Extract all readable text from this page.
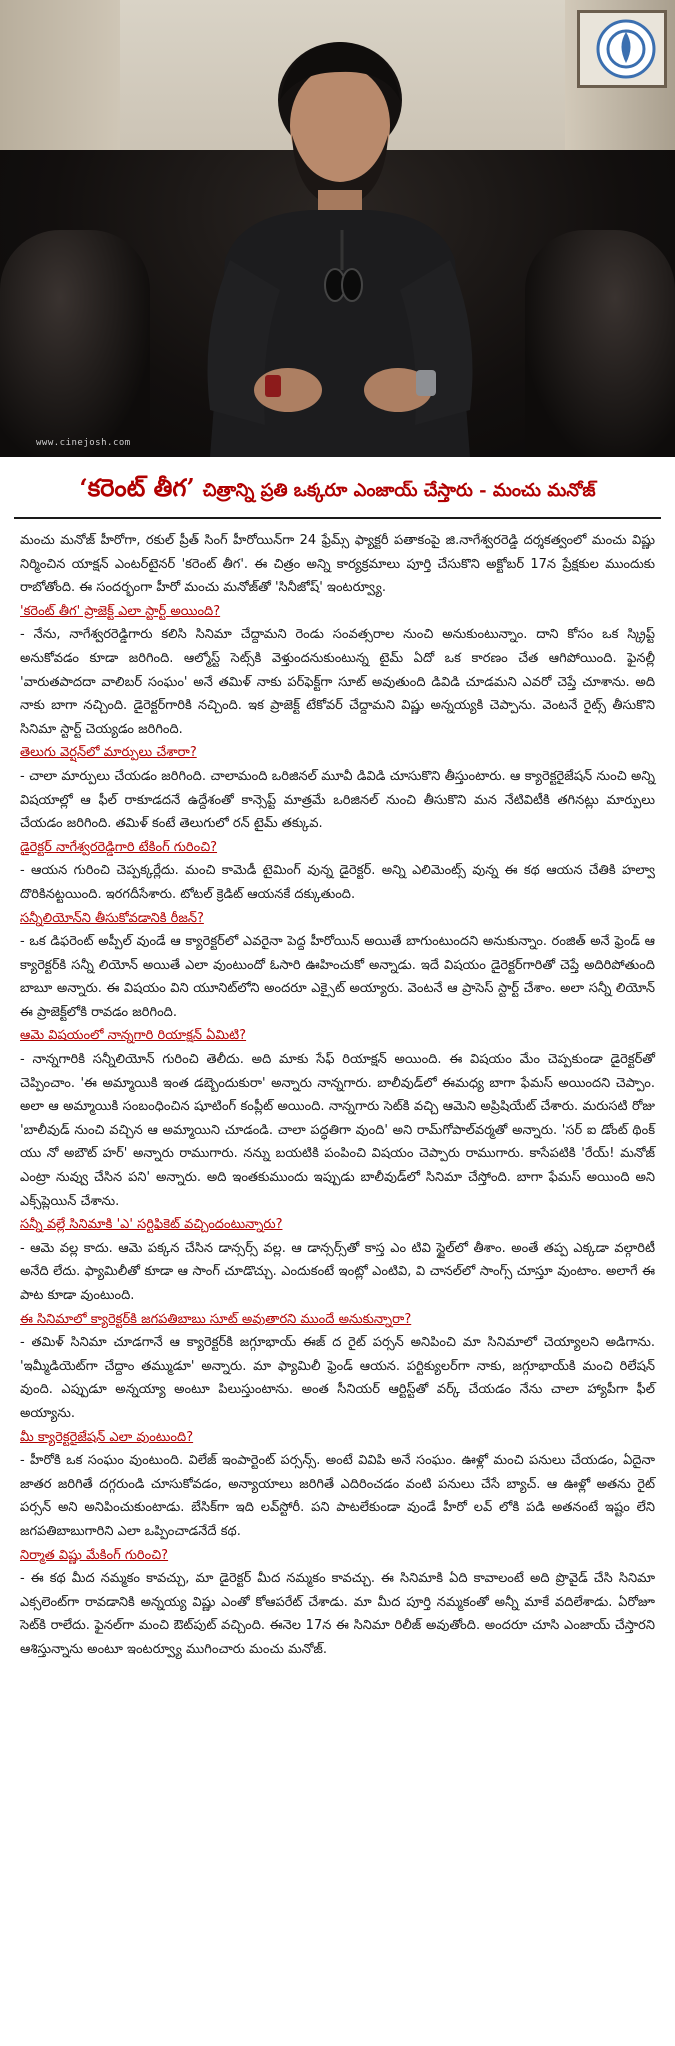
www.cinejosh.com
‘కరెంట్ తీగ’ చిత్రాన్ని ప్రతి ఒక్కరూ ఎంజాయ్ చేస్తారు - మంచు మనోజ్

మంచు మనోజ్ హీరోగా, రకుల్ ప్రీత్ సింగ్ హీరోయిన్‌గా 24 ఫ్రేమ్స్ ఫ్యాక్టరీ పతాకంపై జి.నాగేశ్వరరెడ్డి దర్శకత్వంలో మంచు విష్ణు నిర్మించిన యాక్షన్ ఎంటర్‌టైనర్ 'కరెంట్ తీగ'. ఈ చిత్రం అన్ని కార్యక్రమాలు పూర్తి చేసుకొని అక్టోబర్ 17న ప్రేక్షకుల ముందుకు రాబోతోంది. ఈ సందర్భంగా హీరో మంచు మనోజ్‌తో 'సినీజోష్' ఇంటర్వ్యూ.

'కరెంట్ తీగ' ప్రాజెక్ట్ ఎలా స్టార్ట్ అయింది?

- నేను, నాగేశ్వరరెడ్డిగారు కలిసి సినిమా చేద్దామని రెండు సంవత్సరాల నుంచి అనుకుంటున్నాం. దాని కోసం ఒక స్క్రిప్ట్ అనుకోవడం కూడా జరిగింది. ఆల్మోస్ట్ సెట్స్‌కి వెళ్తుందనుకుంటున్న టైమ్‌ ఏదో ఒక కారణం చేత ఆగిపోయింది. ఫైనల్లీ 'వారుతపాదదా వాలిబర్ సంఘం' అనే తమిళ్ నాకు పర్‌ఫెక్ట్‌గా సూట్ అవుతుంది డివిడి చూడమని ఎవరో చెప్తే చూశాను. అది నాకు బాగా నచ్చింది. డైరెక్టర్‌గారికి నచ్చింది. ఇక ప్రాజెక్ట్ టేకోవర్ చేద్దామని విష్ణు అన్నయ్యకి చెప్పాను. వెంటనే రైట్స్ తీసుకొని సినిమా స్టార్ట్ చెయ్యడం జరిగింది.

తెలుగు వెర్షన్‌లో మార్పులు చేశారా?

- చాలా మార్పులు చేయడం జరిగింది. చాలామంది ఒరిజినల్ మూవీ డివిడి చూసుకొని తీస్తుంటారు. ఆ క్యారెక్టరైజేషన్ నుంచి అన్ని విషయాల్లో ఆ ఫీల్ రాకూడదనే ఉద్దేశంతో కాన్సెప్ట్ మాత్రమే ఒరిజినల్ నుంచి తీసుకొని మన నేటివిటీకి తగినట్లు మార్పులు చేయడం జరిగింది. తమిళ్ కంటే తెలుగులో రన్ టైమ్ తక్కువ.

డైరెక్టర్ నాగేశ్వరరెడ్డిగారి టేకింగ్ గురించి?

- ఆయన గురించి చెప్పక్కర్లేదు. మంచి కామెడీ టైమింగ్ వున్న డైరెక్టర్. అన్ని ఎలిమెంట్స్ వున్న ఈ కథ ఆయన చేతికి హల్వా దొరికినట్టయింది. ఇరగదీసేశారు. టోటల్ క్రెడిట్ ఆయనకే దక్కుతుంది.

సన్నీలియోన్‌ని తీసుకోవడానికి రీజన్?

- ఒక డిఫరెంట్ అప్పీల్ వుండే ఆ క్యారెక్టర్‌లో ఎవరైనా పెద్ద హీరోయిన్ అయితే బాగుంటుందని అనుకున్నాం. రంజిత్ అనే ఫ్రెండ్ ఆ క్యారెక్టర్‌కి సన్నీ లియోన్ అయితే ఎలా వుంటుందో ఓసారి ఊహించుకో అన్నాడు. ఇదే విషయం డైరెక్టర్‌గారితో చెప్తే అదిరిపోతుంది బాబూ అన్నారు. ఈ విషయం విని యూనిట్‌లోని అందరూ ఎక్సైట్ అయ్యారు. వెంటనే ఆ ప్రాసెస్ స్టార్ట్ చేశాం. అలా సన్నీ లియోన్ ఈ ప్రాజెక్ట్‌లోకి రావడం జరిగింది.

ఆమె విషయంలో నాన్నగారి రియాక్షన్ ఏమిటి?

- నాన్నగారికి సన్నీలియోన్ గురించి తెలీదు. అది మాకు సేఫ్ రియాక్షన్ అయింది. ఈ విషయం మేం చెప్పకుండా డైరెక్టర్‌తో చెప్పించాం. 'ఈ అమ్మాయికి ఇంత డబ్బెందుకురా' అన్నారు నాన్నగారు. బాలీవుడ్‌లో ఈమధ్య బాగా ఫేమస్ అయిందని చెప్పాం. అలా ఆ అమ్మాయికి సంబంధించిన షూటింగ్ కంప్లీట్ అయింది. నాన్నగారు సెట్‌కి వచ్చి ఆమెని అప్రిషియేట్ చేశారు. మరుసటి రోజు 'బాలీవుడ్ నుంచి వచ్చిన ఆ అమ్మాయిని చూడండి. చాలా పద్ధతిగా వుంది' అని రామ్‌గోపాల్‌వర్మతో అన్నారు. 'సర్ ఐ డోంట్ థింక్ యు నో అబౌట్ హర్' అన్నారు రాముగారు. నన్ను బయటికి పంపించి విషయం చెప్పారు రాముగారు. కాసేపటికి 'రేయ్! మనోజ్ ఎంట్రా నువ్వు చేసిన పని' అన్నారు. అది ఇంతకుముందు ఇప్పుడు బాలీవుడ్‌లో సినిమా చేస్తోంది. బాగా ఫేమస్ అయింది అని ఎక్స్‌ప్లెయిన్ చేశాను.

సన్నీ వల్లే సినిమాకి 'ఎ' సర్టిఫికెట్ వచ్చిందంటున్నారు?

- ఆమె వల్ల కాదు. ఆమె పక్కన చేసిన డాన్సర్స్ వల్ల. ఆ డాన్సర్స్‌తో కాస్త ఎం టివి స్టైల్‌లో తీశాం. అంతే తప్ప ఎక్కడా వల్గారిటీ అనేది లేదు. ఫ్యామిలీతో కూడా ఆ సాంగ్ చూడొచ్చు. ఎందుకంటే ఇంట్లో ఎంటివి, వి చానల్‌లో సాంగ్స్ చూస్తూ వుంటాం. అలాగే ఈ పాట కూడా వుంటుంది.

ఈ సినిమాలో క్యారెక్టర్‌కి జగపతిబాబు సూట్ అవుతారని ముందే అనుకున్నారా?

- తమిళ్ సినిమా చూడగానే ఆ క్యారెక్టర్‌కి జగ్గూభాయ్ ఈజ్ ద రైట్ పర్సన్ అనిపించి మా సినిమాలో చెయ్యాలని అడిగాను. 'ఇమ్మీడియెట్‌గా చేద్దాం తమ్ముడూ' అన్నారు. మా ఫ్యామిలీ ఫ్రెండ్ ఆయన. పర్టిక్యులర్‌గా నాకు, జగ్గూభాయ్‌కి మంచి రిలేషన్ వుంది. ఎప్పుడూ అన్నయ్యా అంటూ పిలుస్తుంటాను. అంత సీనియర్ ఆర్టిస్ట్‌తో వర్క్ చేయడం నేను చాలా హ్యాపీగా ఫీల్ అయ్యాను.

మీ క్యారెక్టరైజేషన్ ఎలా వుంటుంది?

- హీరోకి ఒక సంఘం వుంటుంది. విలేజ్ ఇంపార్టెంట్ పర్సన్స్. అంటే వివిపి అనే సంఘం. ఊళ్లో మంచి పనులు చేయడం, ఏదైనా జాతర జరిగితే దగ్గరుండి చూసుకోవడం, అన్యాయాలు జరిగితే ఎదిరించడం వంటి పనులు చేసే బ్యాచ్. ఆ ఊళ్లో అతను రైట్ పర్సన్ అని అనిపించుకుంటాడు. బేసిక్‌గా ఇది లవ్‌స్టోరీ. పని పాటలేకుండా వుండే హీరో లవ్ లోకి పడి అతనంటే ఇష్టం లేని జగపతిబాబుగారిని ఎలా ఒప్పించాడనేదే కథ.

నిర్మాత విష్ణు మేకింగ్ గురించి?

- ఈ కథ మీద నమ్మకం కావచ్చు, మా డైరెక్టర్ మీద నమ్మకం కావచ్చు. ఈ సినిమాకి ఏది కావాలంటే అది ప్రొవైడ్ చేసి సినిమా ఎక్సలెంట్‌గా రావడానికి అన్నయ్య విష్ణు ఎంతో కోఆపరేట్ చేశాడు. మా మీద పూర్తి నమ్మకంతో అన్నీ మాకే వదిలేశాడు. ఏరోజూ సెట్‌కి రాలేదు. ఫైనల్‌గా మంచి ఔట్‌పుట్ వచ్చింది. ఈనెల 17న ఈ సినిమా రిలీజ్ అవుతోంది. అందరూ చూసి ఎంజాయ్ చేస్తారని ఆశిస్తున్నాను అంటూ ఇంటర్వ్యూ ముగించారు మంచు మనోజ్.
